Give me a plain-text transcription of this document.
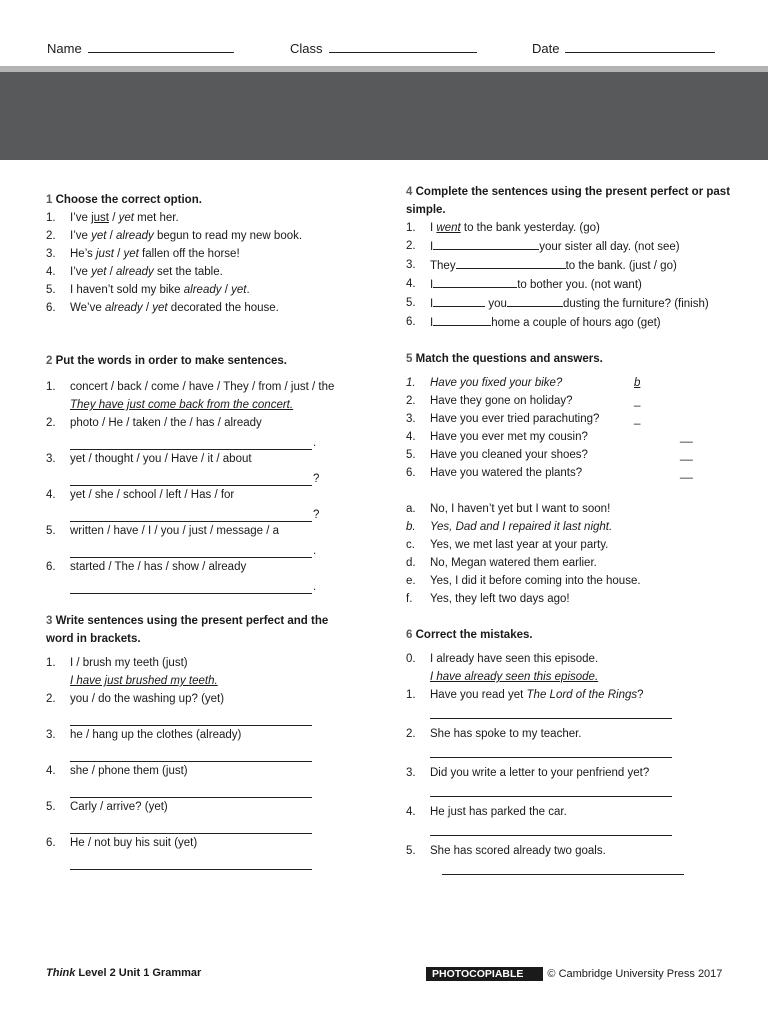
Name	Class	Date
1 Choose the correct option.
1.	I’ve just / yet met her.
2.	I’ve yet / already begun to read my new book.
3.	He’s just / yet fallen off the horse!
4.	I’ve yet / already set the table.
5.	I haven’t sold my bike already / yet.
6.	We’ve already / yet decorated the house.
2 Put the words in order to make sentences.
1.	concert / back / come / have / They / from / just / the
They have just come back from the concert.
2.	photo / He / taken / the / has / already
.
3.	yet / thought / you / Have / it / about
?
4.	yet / she / school / left / Has / for
?
5.	written / have / I / you / just / message / a
.
6.	started / The / has / show / already
.
3 Write sentences using the present perfect and the word in brackets.
1.	I / brush my teeth (just)
I have just brushed my teeth.
2.	you / do the washing up? (yet)
3.	he / hang up the clothes (already)
4.	she / phone them (just)
5.	Carly / arrive? (yet)
6.	He / not buy his suit (yet)
4 Complete the sentences using the present perfect or past simple.
1.	I went to the bank yesterday. (go)
2.	I	your sister all day. (not see)
3.	They	to the bank. (just / go)
4.	I	to bother you. (not want)
5.	I	you	dusting the furniture? (finish)
6.	I	home a couple of hours ago (get)
5 Match the questions and answers.
1.	Have you fixed your bike?	b
2.	Have they gone on holiday?	_
3.	Have you ever tried parachuting?	_
4.	Have you ever met my cousin?	__
5.	Have you cleaned your shoes?	__
6.	Have you watered the plants?	__
a.	No, I haven’t yet but I want to soon!
b.	Yes, Dad and I repaired it last night.
c.	Yes, we met last year at your party.
d.	No, Megan watered them earlier.
e.	Yes, I did it before coming into the house.
f.	Yes, they left two days ago!
6 Correct the mistakes.
0.	I already have seen this episode.
I have already seen this episode.
1.	Have you read yet The Lord of the Rings?
2.	She has spoke to my teacher.
3.	Did you write a letter to your penfriend yet?
4.	He just has parked the car.
5.	She has scored already two goals.
Think Level 2 Unit 1 Grammar	PHOTOCOPIABLE	© Cambridge University Press 2017
